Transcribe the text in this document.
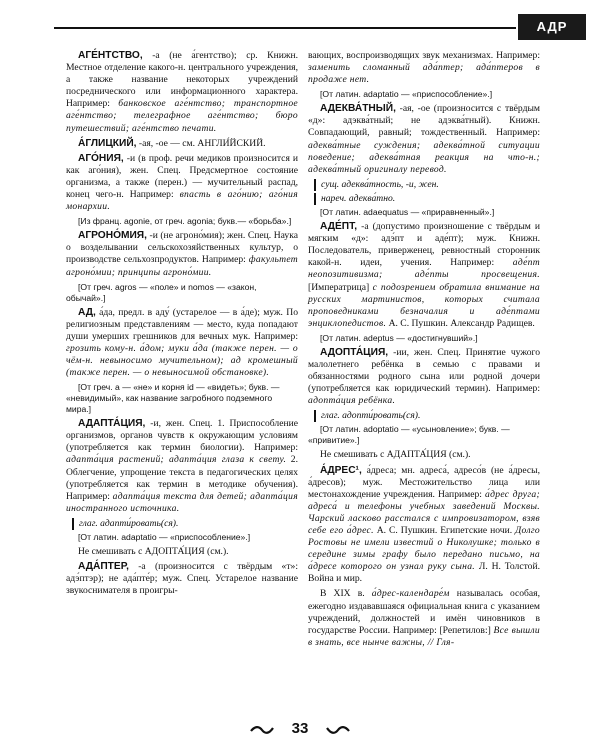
АДР
АГЕ́НТСТВО, -а (не а́гентство); ср. Книжн. Местное отделение какого-н. центрального учреждения, а также название некоторых учреждений посреднического или информационного характера. Например: банковское аге́нтство; транспортное аге́нтство; телеграфное аге́нтство; бюро путешествий; аге́нтство печати.
А́ГЛИЦКИЙ, -ая, -ое — см. АНГЛИ́ЙСКИЙ.
АГО́НИЯ, -и (в проф. речи медиков произносится и как аго́ния), жен. Спец. Предсмертное состояние организма, а также (перен.) — мучительный распад, конец чего-н. Например: впасть в аго́нию; аго́ния монархии.
[Из франц. agonie, от греч. agonia; букв.— «борьба».]
АГРОНО́МИЯ, -и (не агроно́мия); жен. Спец. Наука о возделывании сельскохозяйственных культур, о производстве сельхозпродуктов. Например: факультет агроно́мии; принципы агроно́мии.
[От греч. agros — «поле» и nomos — «закон, обычай».]
АД, а́да, предл. в аду́ (устарелое — в а́де); муж. По религиозным представлениям — место, куда попадают души умерших грешников для вечных мук. Например: грозить кому-н. а́дом; муки а́да (также перен. — о чём-н. невыносимо мучительном); ад кромешный (также перен. — о невыносимой обстановке).
[От греч. a — «не» и корня id — «видеть»; букв. — «невидимый», как название загробного подземного мира.]
АДАПТА́ЦИЯ, -и, жен. Спец. 1. Приспособление организмов, органов чувств к окружающим условиям (употребляется как термин биологии). Например: адапта́ция растений; адапта́ция глаза к свету. 2. Облегчение, упрощение текста в педагогических целях (употребляется как термин в методике обучения). Например: адапта́ция текста для детей; адапта́ция иностранного источника.
глаг. адапти́ровать(ся).
[От латин. adaptatio — «приспособление».]
Не смешивать с АДОПТА́ЦИЯ (см.).
АДА́ПТЕР, -а (произносится с твёрдым «т»: адэ́птэр); не ада́пте́р; муж. Спец. Устарелое название звукоснимателя в проигры-
вающих, воспроизводящих звук механизмах. Например: заменить сломанный ада́птер; ада́птеров в продаже нет.
[От латин. adaptatio — «приспособление».]
АДЕКВА́ТНЫЙ, -ая, -ое (произносится с твёрдым «д»: адэква́тный; не адэква́тный). Книжн. Совпадающий, равный; тождественный. Например: адеква́тные суждения; адеква́тной ситуации поведение; адеква́тная реакция на что-н.; адеква́тный оригиналу перевод.
сущ. адеква́тность, -и, жен.
нареч. адеква́тно.
[От латин. adaequatus — «приравненный».]
АДЕ́ПТ, -а (допустимо произношение с твёрдым и мягким «д»: адэ́пт и аде́пт); муж. Книжн. Последователь, приверженец, ревностный сторонник какой-н. идеи, учения. Например: аде́пт неопозитивизма; аде́пты просвещения. [Императрица] с подозрением обратила внимание на русских мартинистов, которых считала проповедниками безначалия и аде́птами энциклопедистов. А. С. Пушкин. Александр Радищев.
[От латин. adeptus — «достигнувший».]
АДОПТА́ЦИЯ, -ии, жен. Спец. Принятие чужого малолетнего ребёнка в семью с правами и обязанностями родного сына или родной дочери (употребляется как юридический термин). Например: адопта́ция ребёнка.
глаг. адопти́ровать(ся).
[От латин. adoptatio — «усыновление»; букв. — «привитие».]
Не смешивать с АДАПТА́ЦИЯ (см.).
А́ДРЕС¹, а́дреса; мн. адреса́, адресо́в (не а́дресы, а́дресов); муж. Местожительство лица или местонахождение учреждения. Например: а́дрес друга; адреса́ и телефоны учебных заведений Москвы. Чарский ласково расстался с импровизатором, взяв себе его а́дрес. А. С. Пушкин. Египетские ночи. Долго Ростовы не имели известий о Николушке; только в середине зимы графу было передано письмо, на а́дресе которого он узнал руку сына. Л. Н. Толстой. Война и мир.
В XIX в. а́дрес-календаре́м называлась особая, ежегодно издававшаяся официальная книга с указанием учреждений, должностей и имён чиновников в государстве России. Например: [Репетилов:] Все вышли в знать, все нынче важны, // Гля-
33
